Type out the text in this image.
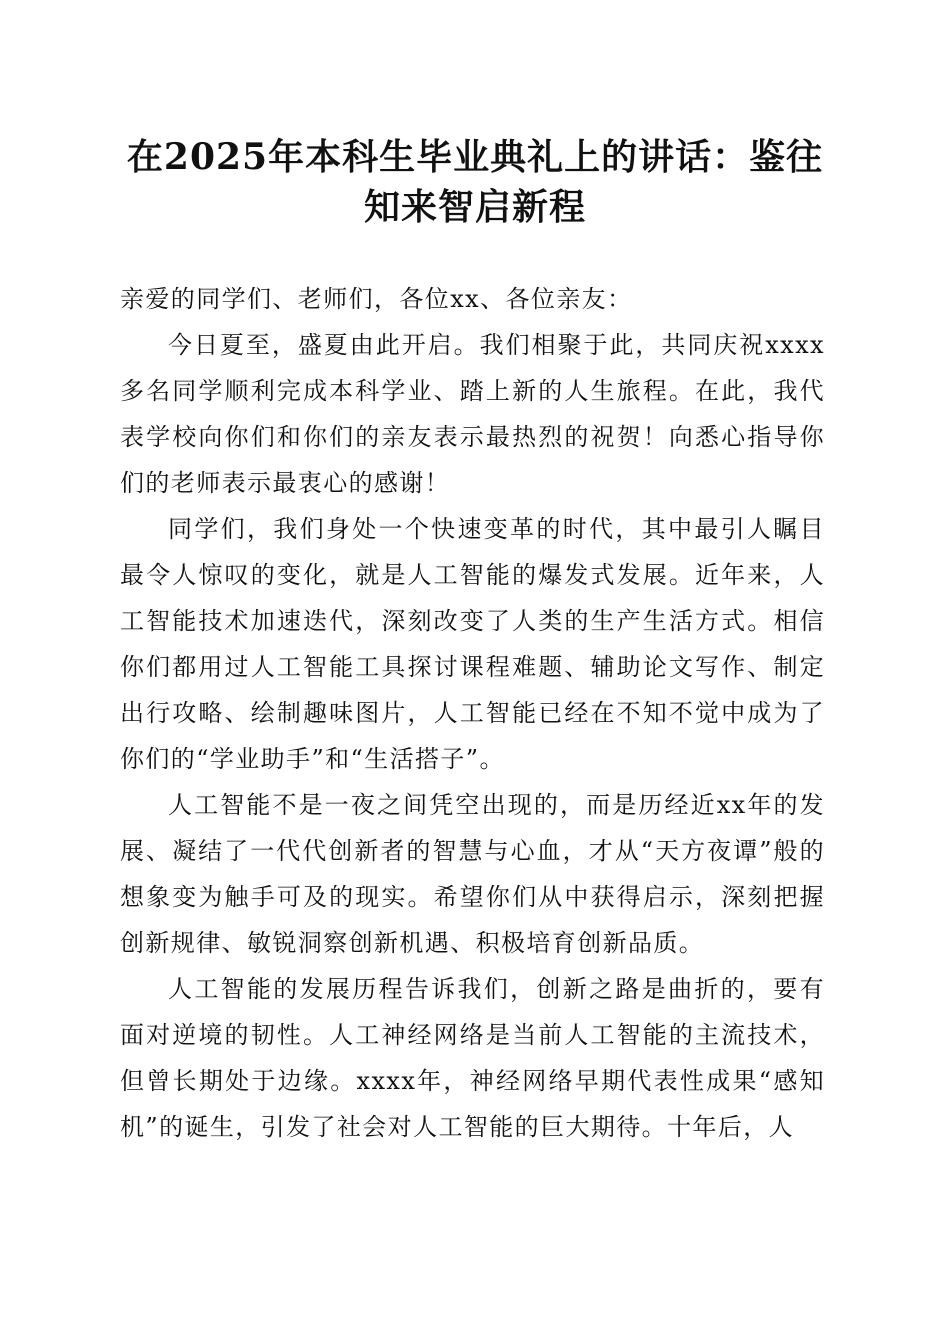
在2025年本科生毕业典礼上的讲话：鉴往知来智启新程

亲爱的同学们、老师们，各位xx、各位亲友：

今日夏至，盛夏由此开启。我们相聚于此，共同庆祝xxxx多名同学顺利完成本科学业、踏上新的人生旅程。在此，我代表学校向你们和你们的亲友表示最热烈的祝贺！向悉心指导你们的老师表示最衷心的感谢！

同学们，我们身处一个快速变革的时代，其中最引人瞩目最令人惊叹的变化，就是人工智能的爆发式发展。近年来，人工智能技术加速迭代，深刻改变了人类的生产生活方式。相信你们都用过人工智能工具探讨课程难题、辅助论文写作、制定出行攻略、绘制趣味图片，人工智能已经在不知不觉中成为了你们的“学业助手”和“生活搭子”。

人工智能不是一夜之间凭空出现的，而是历经近xx年的发展、凝结了一代代创新者的智慧与心血，才从“天方夜谭”般的想象变为触手可及的现实。希望你们从中获得启示，深刻把握创新规律、敏锐洞察创新机遇、积极培育创新品质。

人工智能的发展历程告诉我们，创新之路是曲折的，要有面对逆境的韧性。人工神经网络是当前人工智能的主流技术，但曾长期处于边缘。xxxx年，神经网络早期代表性成果“感知机”的诞生，引发了社会对人工智能的巨大期待。十年后，人
